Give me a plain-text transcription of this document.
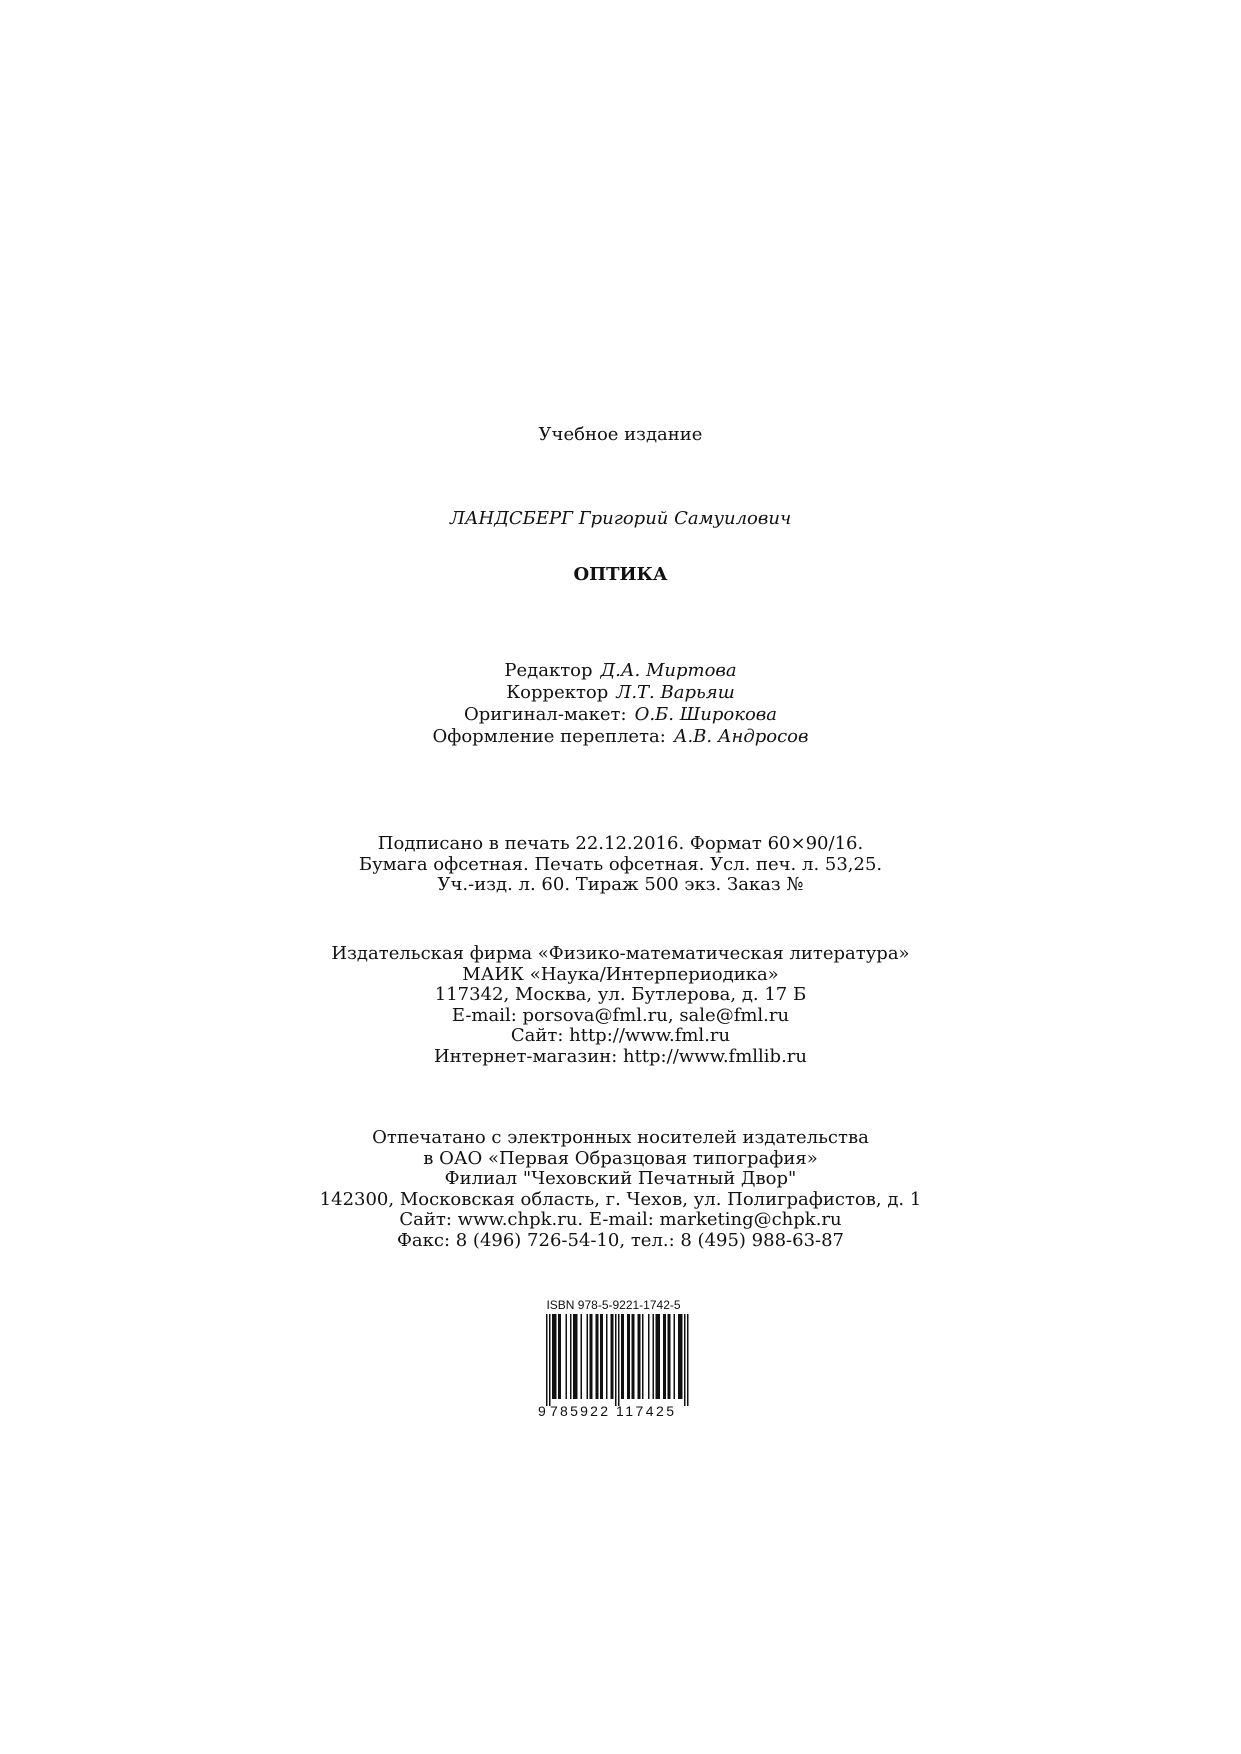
Учебное издание
ЛАНДСБЕРГ Григорий Самуилович
ОПТИКА
Редактор Д.А. Миртова
Корректор Л.Т. Варьяш
Оригинал-макет: О.Б. Широкова
Оформление переплета: А.В. Андросов
Подписано в печать 22.12.2016. Формат 60×90/16.
Бумага офсетная. Печать офсетная. Усл. печ. л. 53,25.
Уч.-изд. л. 60. Тираж 500 экз. Заказ №
Издательская фирма «Физико-математическая литература»
МАИК «Наука/Интерпериодика»
117342, Москва, ул. Бутлерова, д. 17 Б
E-mail: porsova@fml.ru, sale@fml.ru
Сайт: http://www.fml.ru
Интернет-магазин: http://www.fmllib.ru
Отпечатано с электронных носителей издательства
в ОАО «Первая Образцовая типография»
Филиал "Чеховский Печатный Двор"
142300, Московская область, г. Чехов, ул. Полиграфистов, д. 1
Сайт: www.chpk.ru. E-mail: marketing@chpk.ru
Факс: 8 (496) 726-54-10, тел.: 8 (495) 988-63-87
ISBN 978-5-9221-1742-5
9 785922 117425
